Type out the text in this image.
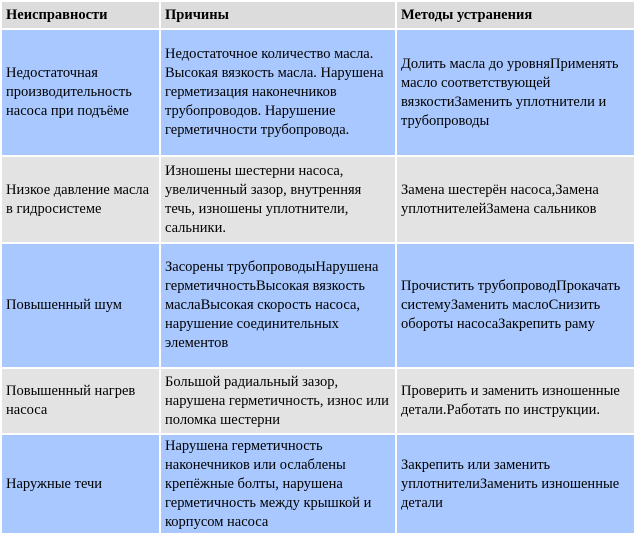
Неисправности	Причины	Методы устранения
Недостаточная производительность насоса при подъёме	Недостаточное количество масла. Высокая вязкость масла. Нарушена герметизация наконечников трубопроводов. Нарушение герметичности трубопровода.	Долить масла до уровняПрименять масло соответствующей вязкостиЗаменить уплотнители и трубопроводы
Низкое давление масла в гидросистеме	Изношены шестерни насоса, увеличенный зазор, внутренняя течь, изношены уплотнители, сальники.	Замена шестерён насоса,Замена уплотнителейЗамена сальников
Повышенный шум	Засорены трубопроводыНарушена герметичностьВысокая вязкость маслаВысокая скорость насоса, нарушение соединительных элементов	Прочистить трубопроводПрокачать системуЗаменить маслоСнизить обороты насосаЗакрепить раму
Повышенный нагрев насоса	Большой радиальный зазор, нарушена герметичность, износ или поломка шестерни	Проверить и заменить изношенные детали.Работать по инструкции.
Наружные течи	Нарушена герметичность наконечников или ослаблены крепёжные болты, нарушена герметичность между крышкой и корпусом насоса	Закрепить или заменить уплотнителиЗаменить изношенные детали
